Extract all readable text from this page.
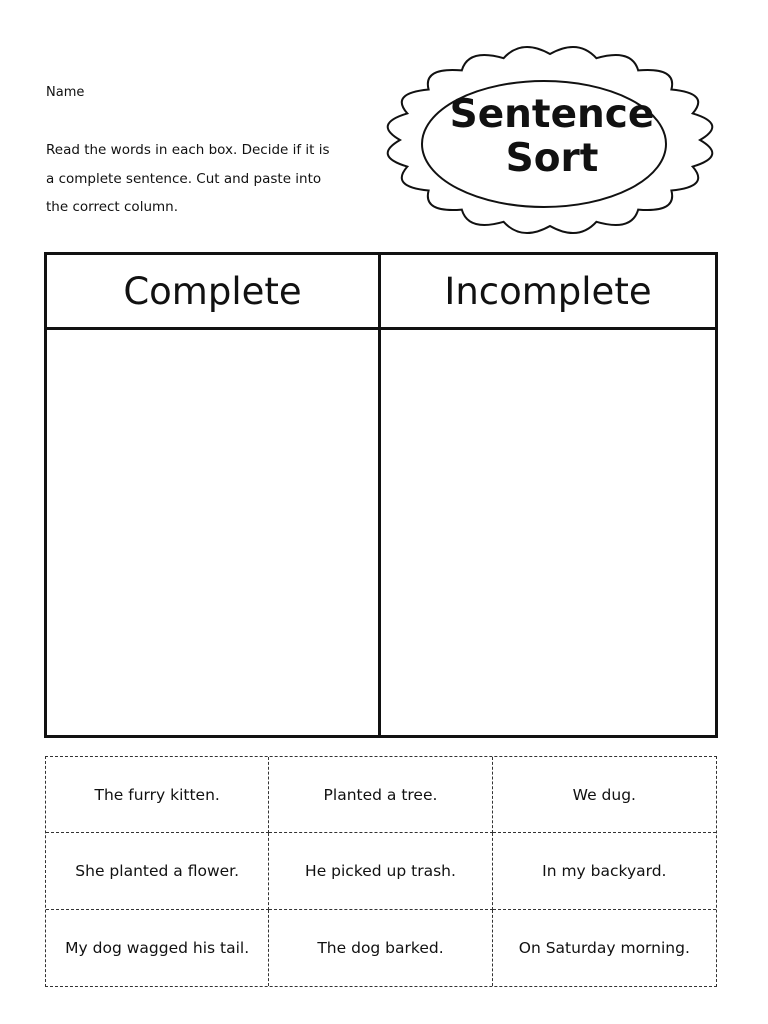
Name
Read the words in each box. Decide if it is a complete sentence. Cut and paste into the correct column.
Sentence
Sort
Complete	Incomplete
The furry kitten.	Planted a tree.	We dug.
She planted a flower.	He picked up trash.	In my backyard.
My dog wagged his tail.	The dog barked.	On Saturday morning.
